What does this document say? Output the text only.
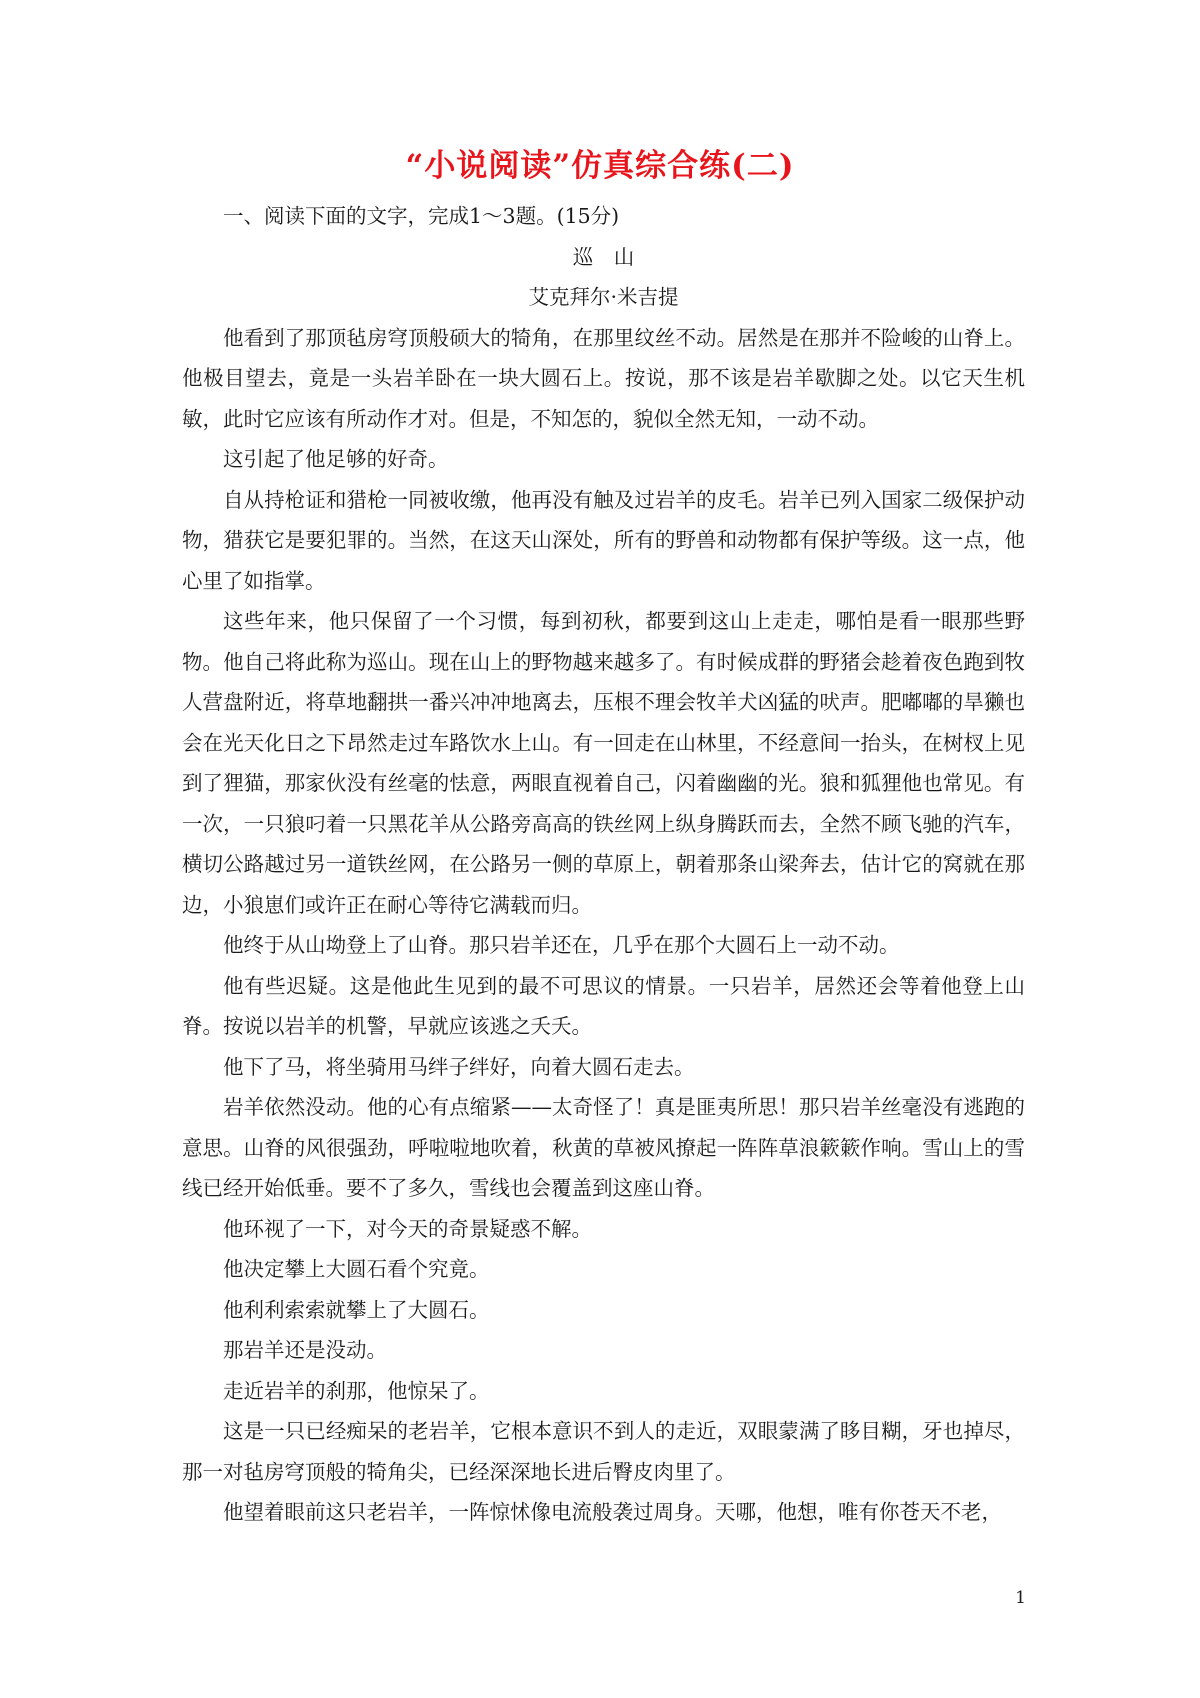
“小说阅读”仿真综合练(二)

一、阅读下面的文字，完成1～3题。(15分)

巡　山

艾克拜尔·米吉提

他看到了那顶毡房穹顶般硕大的犄角，在那里纹丝不动。居然是在那并不险峻的山脊上。他极目望去，竟是一头岩羊卧在一块大圆石上。按说，那不该是岩羊歇脚之处。以它天生机敏，此时它应该有所动作才对。但是，不知怎的，貌似全然无知，一动不动。

这引起了他足够的好奇。

自从持枪证和猎枪一同被收缴，他再没有触及过岩羊的皮毛。岩羊已列入国家二级保护动物，猎获它是要犯罪的。当然，在这天山深处，所有的野兽和动物都有保护等级。这一点，他心里了如指掌。

这些年来，他只保留了一个习惯，每到初秋，都要到这山上走走，哪怕是看一眼那些野物。他自己将此称为巡山。现在山上的野物越来越多了。有时候成群的野猪会趁着夜色跑到牧人营盘附近，将草地翻拱一番兴冲冲地离去，压根不理会牧羊犬凶猛的吠声。肥嘟嘟的旱獭也会在光天化日之下昂然走过车路饮水上山。有一回走在山林里，不经意间一抬头，在树杈上见到了狸猫，那家伙没有丝毫的怯意，两眼直视着自己，闪着幽幽的光。狼和狐狸他也常见。有一次，一只狼叼着一只黑花羊从公路旁高高的铁丝网上纵身腾跃而去，全然不顾飞驰的汽车，横切公路越过另一道铁丝网，在公路另一侧的草原上，朝着那条山梁奔去，估计它的窝就在那边，小狼崽们或许正在耐心等待它满载而归。

他终于从山坳登上了山脊。那只岩羊还在，几乎在那个大圆石上一动不动。

他有些迟疑。这是他此生见到的最不可思议的情景。一只岩羊，居然还会等着他登上山脊。按说以岩羊的机警，早就应该逃之夭夭。

他下了马，将坐骑用马绊子绊好，向着大圆石走去。

岩羊依然没动。他的心有点缩紧——太奇怪了！真是匪夷所思！那只岩羊丝毫没有逃跑的意思。山脊的风很强劲，呼啦啦地吹着，秋黄的草被风撩起一阵阵草浪簌簌作响。雪山上的雪线已经开始低垂。要不了多久，雪线也会覆盖到这座山脊。

他环视了一下，对今天的奇景疑惑不解。

他决定攀上大圆石看个究竟。

他利利索索就攀上了大圆石。

那岩羊还是没动。

走近岩羊的刹那，他惊呆了。

这是一只已经痴呆的老岩羊，它根本意识不到人的走近，双眼蒙满了眵目糊，牙也掉尽，那一对毡房穹顶般的犄角尖，已经深深地长进后臀皮肉里了。

他望着眼前这只老岩羊，一阵惊怵像电流般袭过周身。天哪，他想，唯有你苍天不老，

1
